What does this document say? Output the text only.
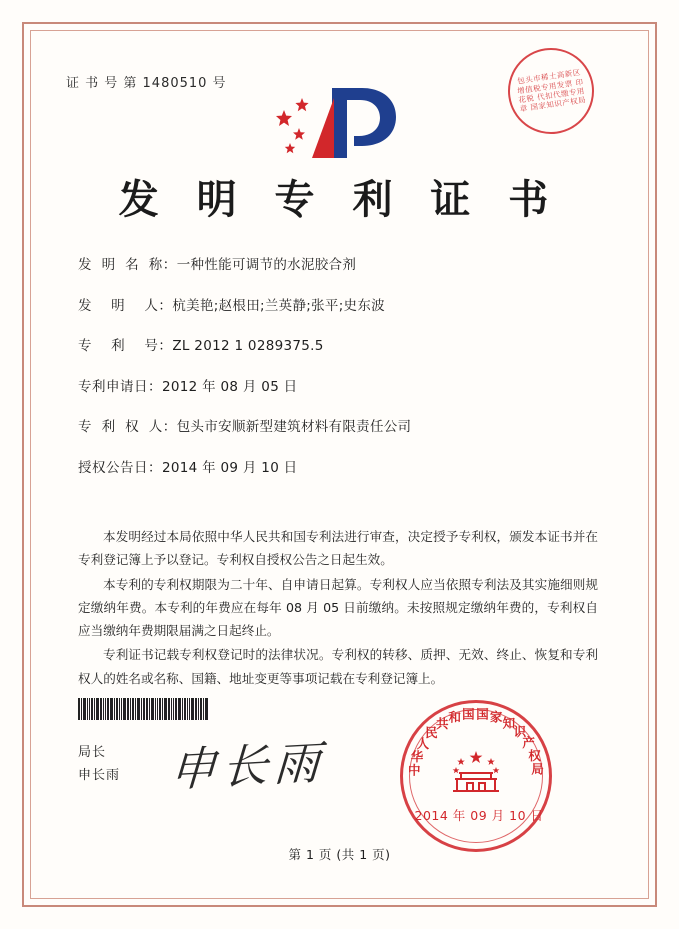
证 书 号 第 1480510 号	包头市稀土高新区增值税专用发票 印花税 代扣代缴专用章 国家知识产权局
发 明 专 利 证 书
发  明  名  称： 一种性能可调节的水泥胶合剂
发    明    人： 杭美艳;赵根田;兰英静;张平;史东波
专    利    号： ZL 2012 1 0289375.5
专利申请日： 2012 年 08 月 05 日
专  利  权  人： 包头市安顺新型建筑材料有限责任公司
授权公告日： 2014 年 09 月 10 日

本发明经过本局依照中华人民共和国专利法进行审查，决定授予专利权，颁发本证书并在专利登记簿上予以登记。专利权自授权公告之日起生效。

本专利的专利权期限为二十年、自申请日起算。专利权人应当依照专利法及其实施细则规定缴纳年费。本专利的年费应在每年 08 月 05 日前缴纳。未按照规定缴纳年费的，专利权自应当缴纳年费期限届满之日起终止。

专利证书记载专利权登记时的法律状况。专利权的转移、质押、无效、终止、恢复和专利权人的姓名或名称、国籍、地址变更等事项记载在专利登记簿上。

局长
申长雨 申长雨	中
华
人
民
共 和 国 国 家 知
识
产
权
局
2014 年 09 月 10 日
第 1 页 (共 1 页)
